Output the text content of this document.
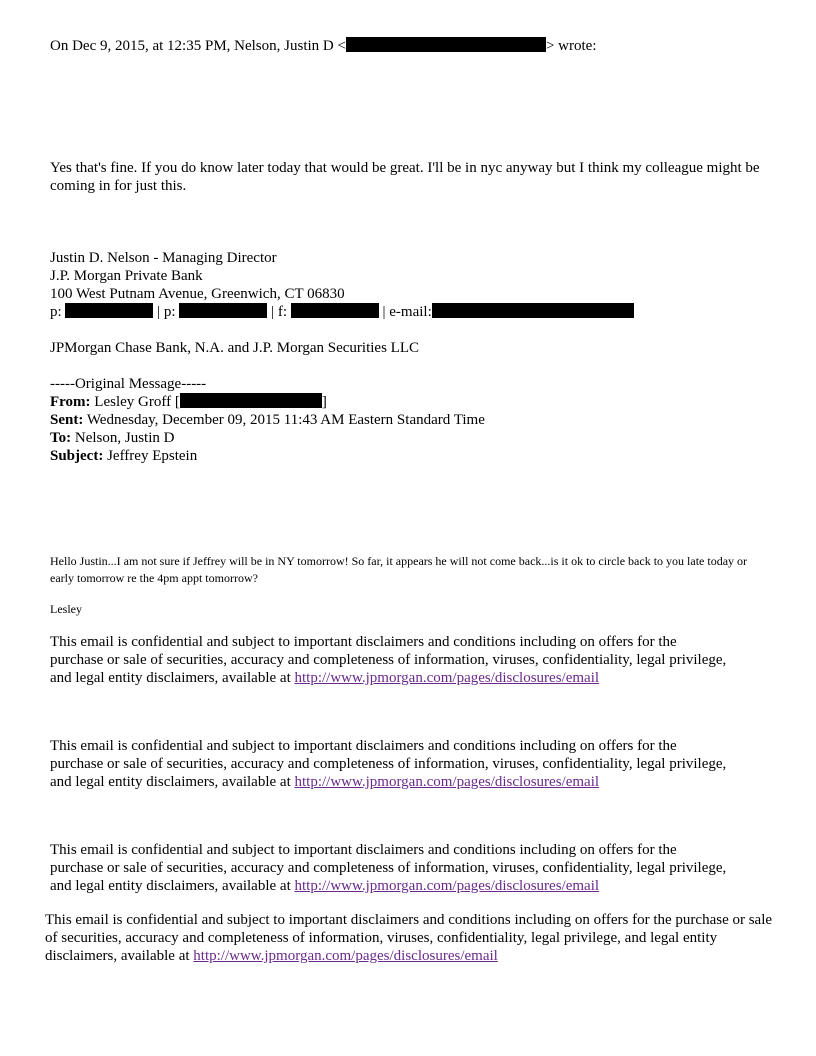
On Dec 9, 2015, at 12:35 PM, Nelson, Justin D <	> wrote:
Yes that's fine. If you do know later today that would be great. I'll be in nyc anyway but I think my colleague might be coming in for just this.
Justin D. Nelson - Managing Director
J.P. Morgan Private Bank
100 West Putnam Avenue, Greenwich, CT 06830
p:	| p:	| f:	| e-mail:
JPMorgan Chase Bank, N.A. and J.P. Morgan Securities LLC
-----Original Message-----
From: Lesley Groff [	]
Sent: Wednesday, December 09, 2015 11:43 AM Eastern Standard Time
To: Nelson, Justin D
Subject: Jeffrey Epstein
Hello Justin...I am not sure if Jeffrey will be in NY tomorrow! So far, it appears he will not come back...is it ok to circle back to you late today or early tomorrow re the 4pm appt tomorrow?
Lesley
This email is confidential and subject to important disclaimers and conditions including on offers for the purchase or sale of securities, accuracy and completeness of information, viruses, confidentiality, legal privilege, and legal entity disclaimers, available at http://www.jpmorgan.com/pages/disclosures/email
This email is confidential and subject to important disclaimers and conditions including on offers for the purchase or sale of securities, accuracy and completeness of information, viruses, confidentiality, legal privilege, and legal entity disclaimers, available at http://www.jpmorgan.com/pages/disclosures/email
This email is confidential and subject to important disclaimers and conditions including on offers for the purchase or sale of securities, accuracy and completeness of information, viruses, confidentiality, legal privilege, and legal entity disclaimers, available at http://www.jpmorgan.com/pages/disclosures/email
This email is confidential and subject to important disclaimers and conditions including on offers for the purchase or sale of securities, accuracy and completeness of information, viruses, confidentiality, legal privilege, and legal entity disclaimers, available at http://www.jpmorgan.com/pages/disclosures/email
